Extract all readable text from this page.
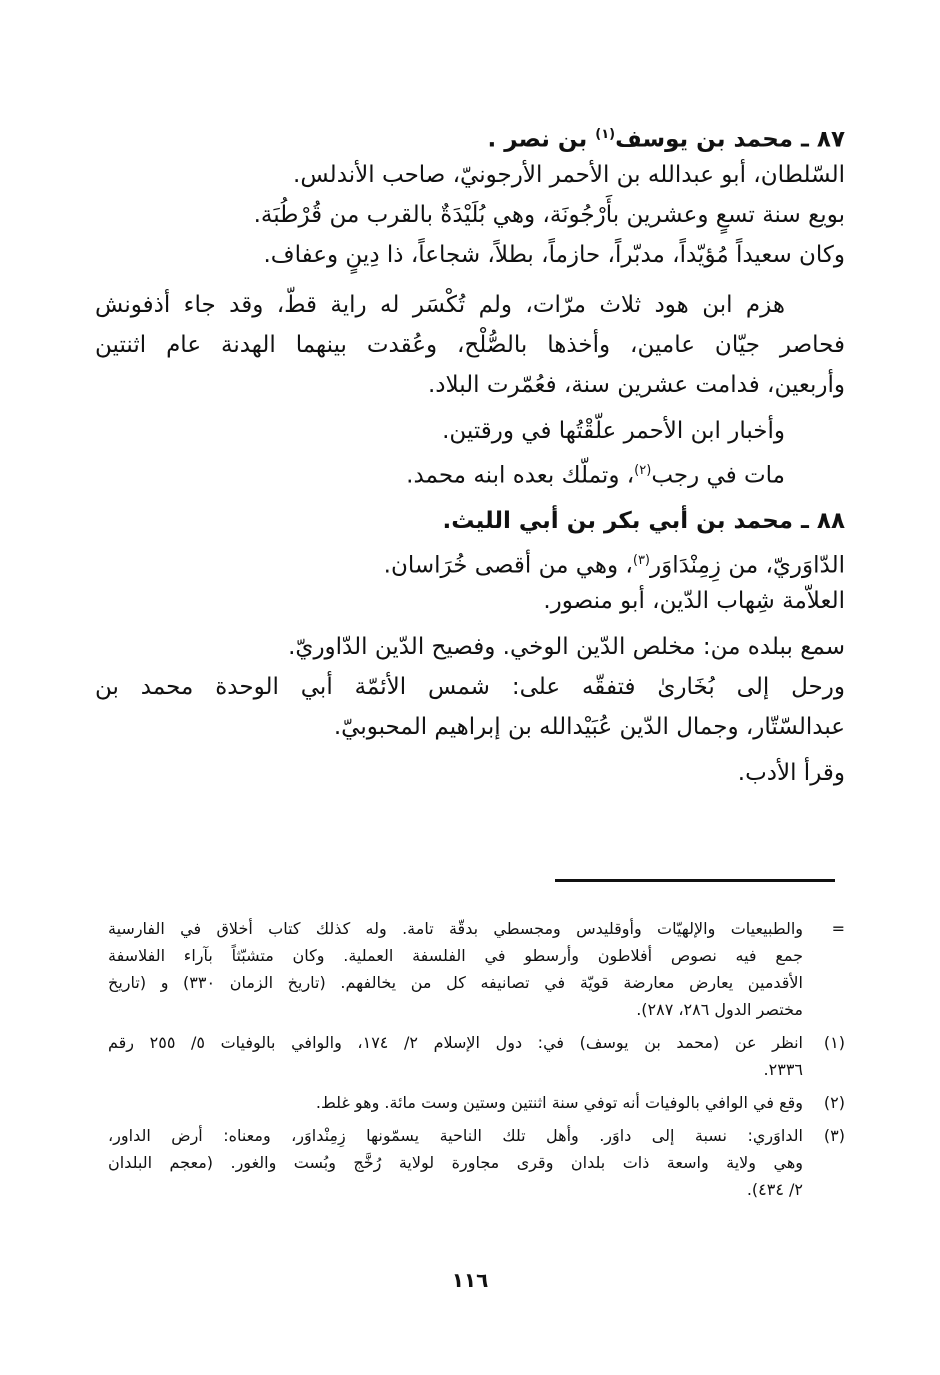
٨٧ ـ محمد بن يوسف$^{(١)}$ بن نصر .
السّلطان، أبو عبدالله بن الأحمر الأرجونيّ، صاحب الأندلس.
بويع سنة تسعٍ وعشرين بأَرْجُونَة، وهي بُلَيْدَةٌ بالقرب من قُرْطُبَة.
وكان سعيداً مُؤيّداً، مدبّراً، حازماً، بطلاً، شجاعاً، ذا دِينٍ وعفاف.
هزم ابن هود ثلاث مرّات، ولم تُكْسَر له راية قطّ، وقد جاء أذفونش
فحاصر جيّان عامين، وأخذها بالصُّلْح، وعُقدت بينهما الهدنة عام اثنتين
وأربعين، فدامت عشرين سنة، فعُمّرت البلاد.
وأخبار ابن الأحمر علّقْتُها في ورقتين.
مات في رجب$^{(٢)}$، وتملّك بعده ابنه محمد.
٨٨ ـ محمد بن أبي بكر بن أبي الليث.
الدّاوَريّ، من زِمِنْدَاوَر$^{(٣)}$، وهي من أقصى خُرَاسان.
العلاّمة شِهاب الدّين، أبو منصور.
سمع ببلده من: مخلص الدّين الوخي. وفصيح الدّين الدّاوريّ.
ورحل إلى بُخَارىٰ فتفقّه على: شمس الأئمّة أبي الوحدة محمد بن
عبدالسّتّار، وجمال الدّين عُبَيْدالله بن إبراهيم المحبوبيّ.
وقرأ الأدب.
=
والطبيعيات والإلهيّات وأوقليدس ومجسطي بدقّة تامة. وله كذلك كتاب أخلاق في الفارسية
جمع فيه نصوص أفلاطون وأرسطو في الفلسفة العملية. وكان متشبّثاً بآراء الفلاسفة
الأقدمين يعارض معارضة قويّة في تصانيفه كل من يخالفهم. (تاريخ الزمان ٣٣٠) و (تاريخ
مختصر الدول ٢٨٦، ٢٨٧).
(١)
انظر عن (محمد بن يوسف) في: دول الإسلام ٢/ ١٧٤، والوافي بالوفيات ٥/ ٢٥٥ رقم
٢٣٣٦.
(٢)
وقع في الوافي بالوفيات أنه توفي سنة اثنتين وستين وست مائة. وهو غلط.
(٣)
الداوَري: نسبة إلى داوَر. وأهل تلك الناحية يسمّونها زِمِنْداوَر، ومعناه: أرض الداور،
وهي ولاية واسعة ذات بلدان وقرى مجاورة لولاية رُخَّج وبُست والغور. (معجم البلدان
٢/ ٤٣٤).
١١٦
